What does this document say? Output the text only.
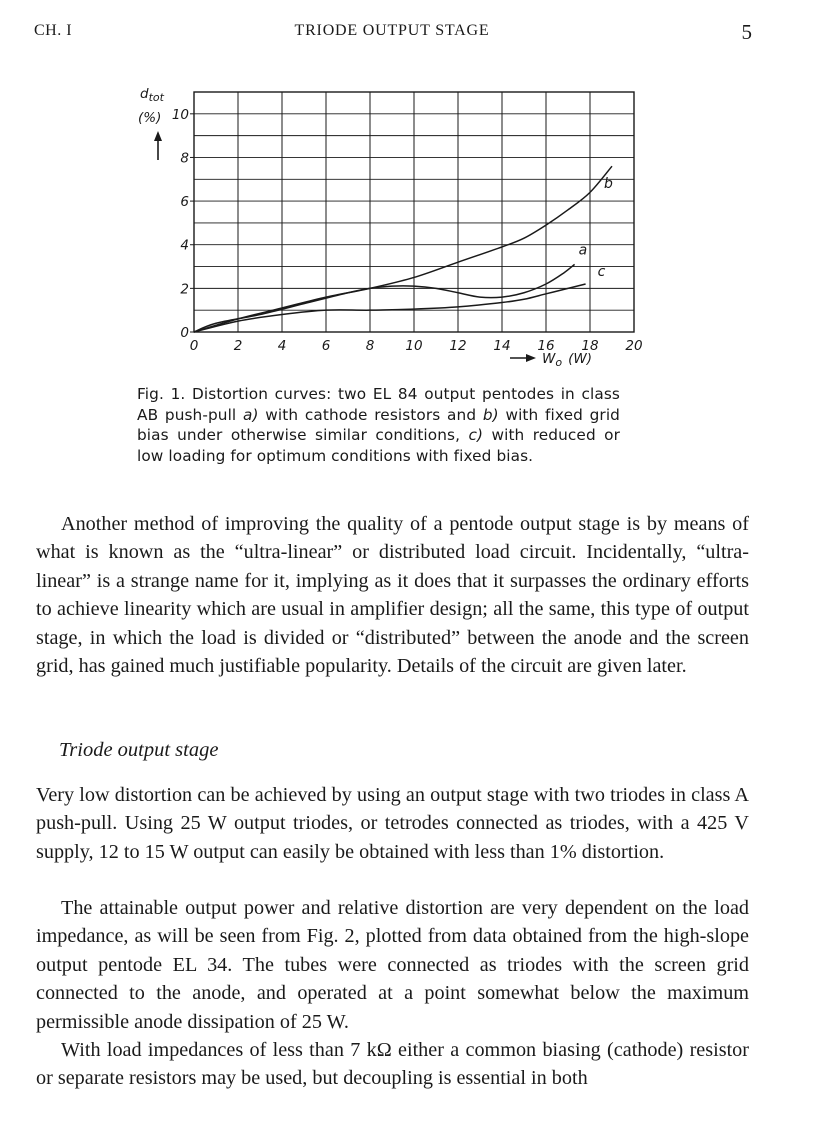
CH. I	TRIODE OUTPUT STAGE	5
0	2	4	6	8 10 12 14 16 18 20
0
2
4
6
8
10
a
b
c
$d_{tot}$
(%)
$W_o$ (W)
Fig. 1. Distortion curves: two EL 84 output pentodes in class AB push-pull a) with cathode resistors and b) with fixed grid bias under otherwise similar conditions, c) with reduced or low loading for optimum conditions with fixed bias.

Another method of improving the quality of a pentode output stage is by means of what is known as the “ultra-linear” or distributed load circuit. Incidentally, “ultra-linear” is a strange name for it, implying as it does that it surpasses the ordinary efforts to achieve linearity which are usual in amplifier design; all the same, this type of output stage, in which the load is divided or “distributed” between the anode and the screen grid, has gained much justifiable popularity. Details of the circuit are given later.

Triode output stage

Very low distortion can be achieved by using an output stage with two triodes in class A push-pull. Using 25 W output triodes, or tetrodes connected as triodes, with a 425 V supply, 12 to 15 W output can easily be obtained with less than 1% distortion.

The attainable output power and relative distortion are very dependent on the load impedance, as will be seen from Fig. 2, plotted from data obtained from the high-slope output pentode EL 34. The tubes were connected as triodes with the screen grid connected to the anode, and operated at a point somewhat below the maximum permissible anode dissipation of 25 W.

With load impedances of less than 7 kΩ either a common biasing (cathode) resistor or separate resistors may be used, but decoupling is essential in both
